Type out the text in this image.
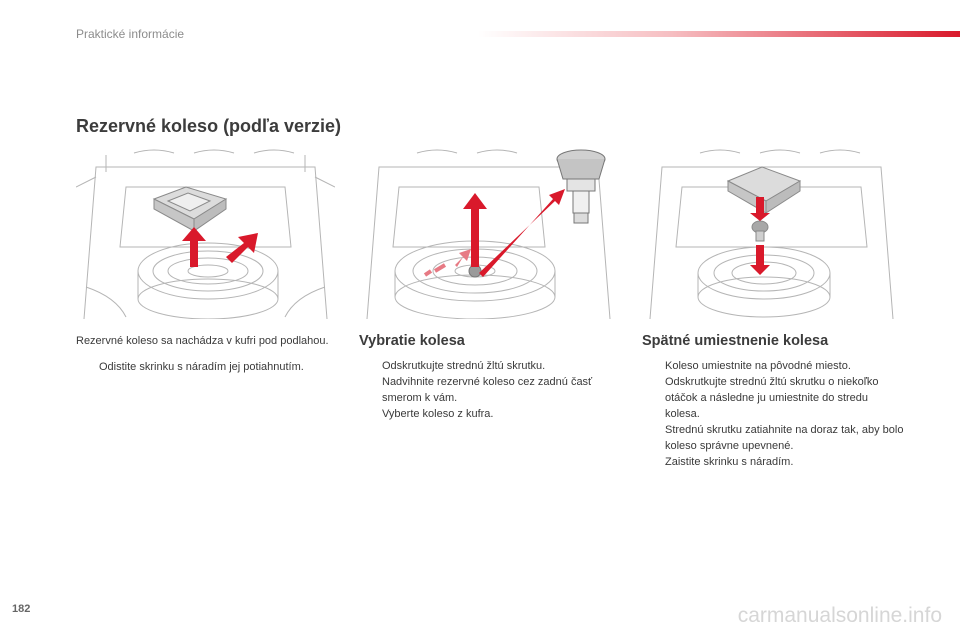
Praktické informácie
Rezervné koleso (podľa verzie)

Rezervné koleso sa nachádza v kufri pod podlahou.

Odistite skrinku s náradím jej potiahnutím.
Vybratie kolesa
Odskrutkujte strednú žltú skrutku.
Nadvihnite rezervné koleso cez zadnú časť smerom k vám.
Vyberte koleso z kufra.
Spätné umiestnenie kolesa
Koleso umiestnite na pôvodné miesto.
Odskrutkujte strednú žltú skrutku o niekoľko otáčok a následne ju umiestnite do stredu kolesa.
Strednú skrutku zatiahnite na doraz tak, aby bolo koleso správne upevnené.
Zaistite skrinku s náradím.
182	carmanualsonline.info
